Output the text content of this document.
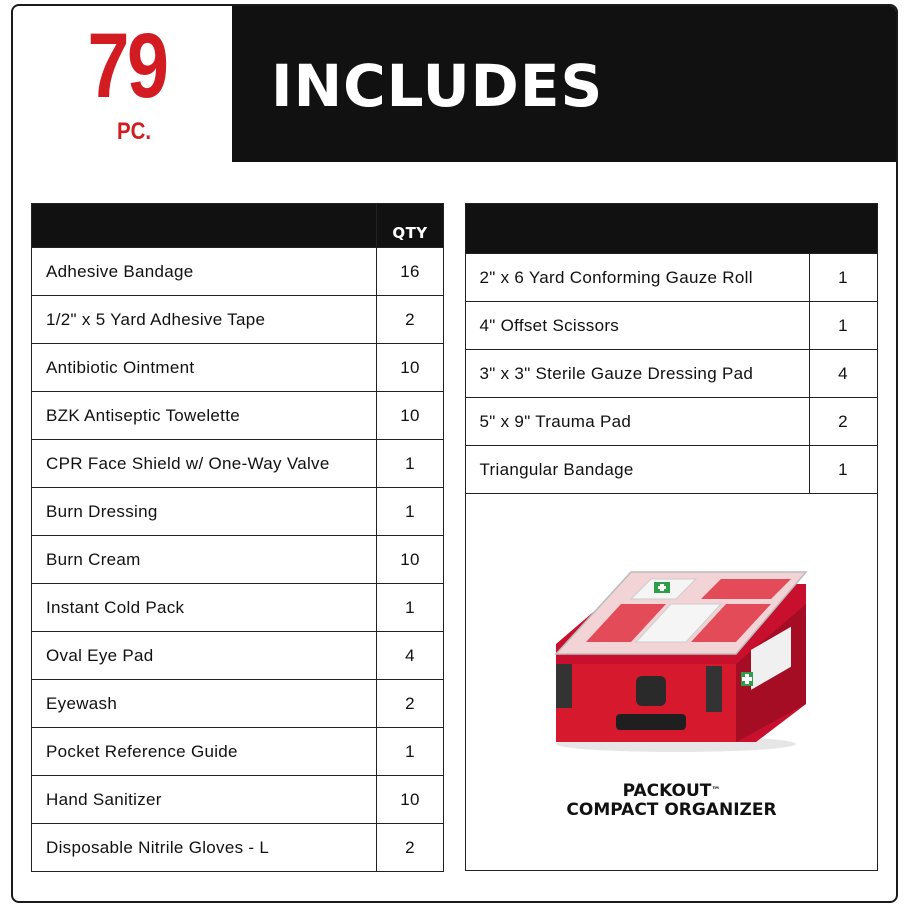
79
PC.
INCLUDES
	QTY
Adhesive Bandage	16
1/2" x 5 Yard Adhesive Tape	2
Antibiotic Ointment	10
BZK Antiseptic Towelette	10
CPR Face Shield w/ One-Way Valve	1
Burn Dressing	1
Burn Cream	10
Instant Cold Pack	1
Oval Eye Pad	4
Eyewash	2
Pocket Reference Guide	1
Hand Sanitizer	10
Disposable Nitrile Gloves - L	2

2" x 6 Yard Conforming Gauze Roll	1
4" Offset Scissors	1
3" x 3" Sterile Gauze Dressing Pad	4
5" x 9" Trauma Pad	2
Triangular Bandage	1
PACKOUT™
COMPACT ORGANIZER
